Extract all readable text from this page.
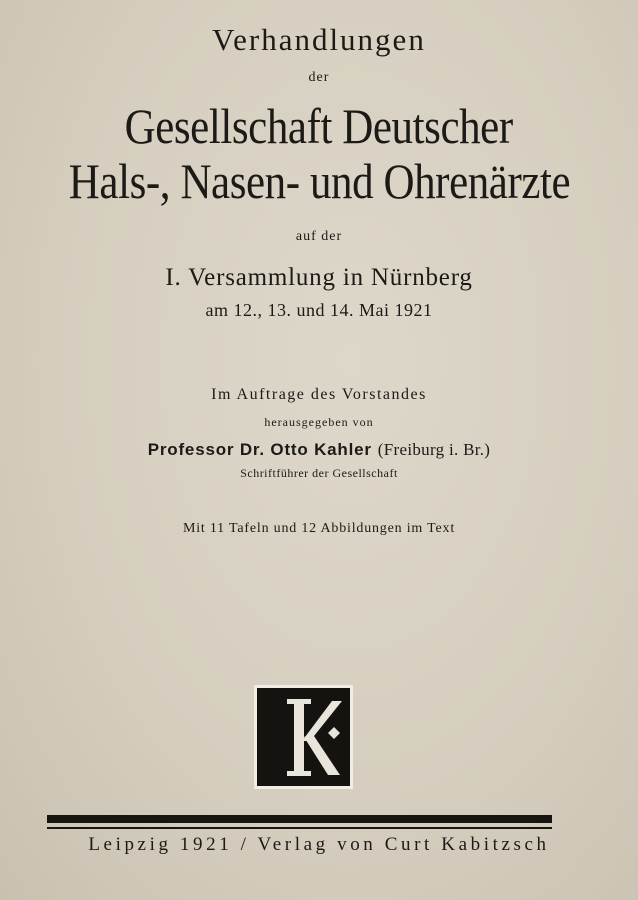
Verhandlungen
der
Gesellschaft Deutscher
Hals-, Nasen- und Ohrenärzte
auf der
I. Versammlung in Nürnberg
am 12., 13. und 14. Mai 1921
Im Auftrage des Vorstandes
herausgegeben von
Professor Dr. Otto Kahler (Freiburg i. Br.)
Schriftführer der Gesellschaft
Mit 11 Tafeln und 12 Abbildungen im Text
Leipzig 1921 / Verlag von Curt Kabitzsch
